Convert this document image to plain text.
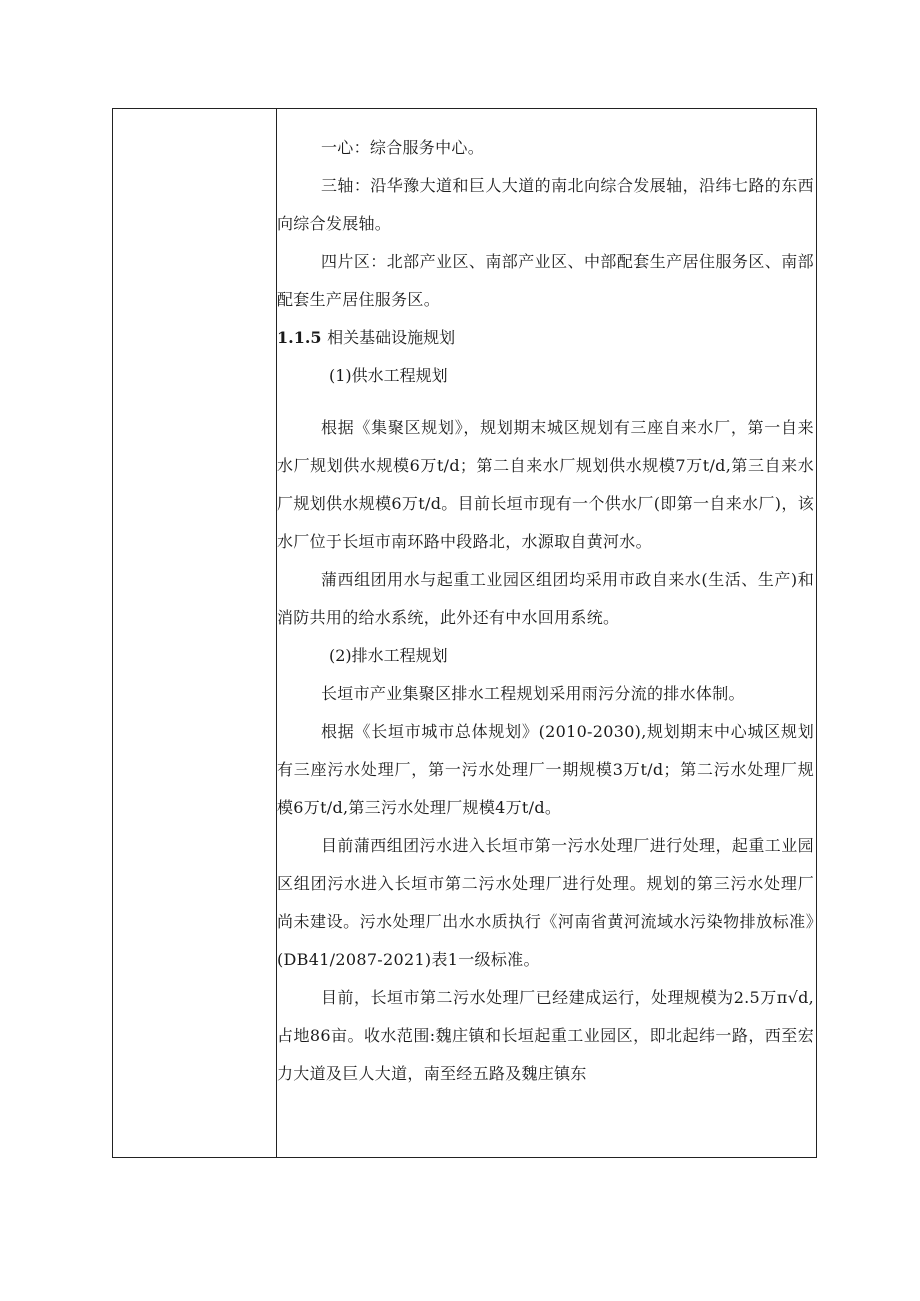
一心：综合服务中心。

三轴：沿华豫大道和巨人大道的南北向综合发展轴，沿纬七路的东西向综合发展轴。

四片区：北部产业区、南部产业区、中部配套生产居住服务区、南部配套生产居住服务区。

1.1.5 相关基础设施规划

(1)供水工程规划

根据《集聚区规划》，规划期末城区规划有三座自来水厂，第一自来水厂规划供水规模6万t/d；第二自来水厂规划供水规模7万t/d,第三自来水厂规划供水规模6万t/d。目前长垣市现有一个供水厂(即第一自来水厂)，该水厂位于长垣市南环路中段路北，水源取自黄河水。

蒲西组团用水与起重工业园区组团均采用市政自来水(生活、生产)和消防共用的给水系统，此外还有中水回用系统。

(2)排水工程规划

长垣市产业集聚区排水工程规划采用雨污分流的排水体制。

根据《长垣市城市总体规划》(2010-2030),规划期末中心城区规划有三座污水处理厂，第一污水处理厂一期规模3万t/d；第二污水处理厂规模6万t/d,第三污水处理厂规模4万t/d。

目前蒲西组团污水进入长垣市第一污水处理厂进行处理，起重工业园区组团污水进入长垣市第二污水处理厂进行处理。规划的第三污水处理厂尚未建设。污水处理厂出水水质执行《河南省黄河流域水污染物排放标准》(DB41/2087-2021)表1一级标准。

目前，长垣市第二污水处理厂已经建成运行，处理规模为2.5万π√d,占地86亩。收水范围:魏庄镇和长垣起重工业园区，即北起纬一路，西至宏力大道及巨人大道，南至经五路及魏庄镇东
